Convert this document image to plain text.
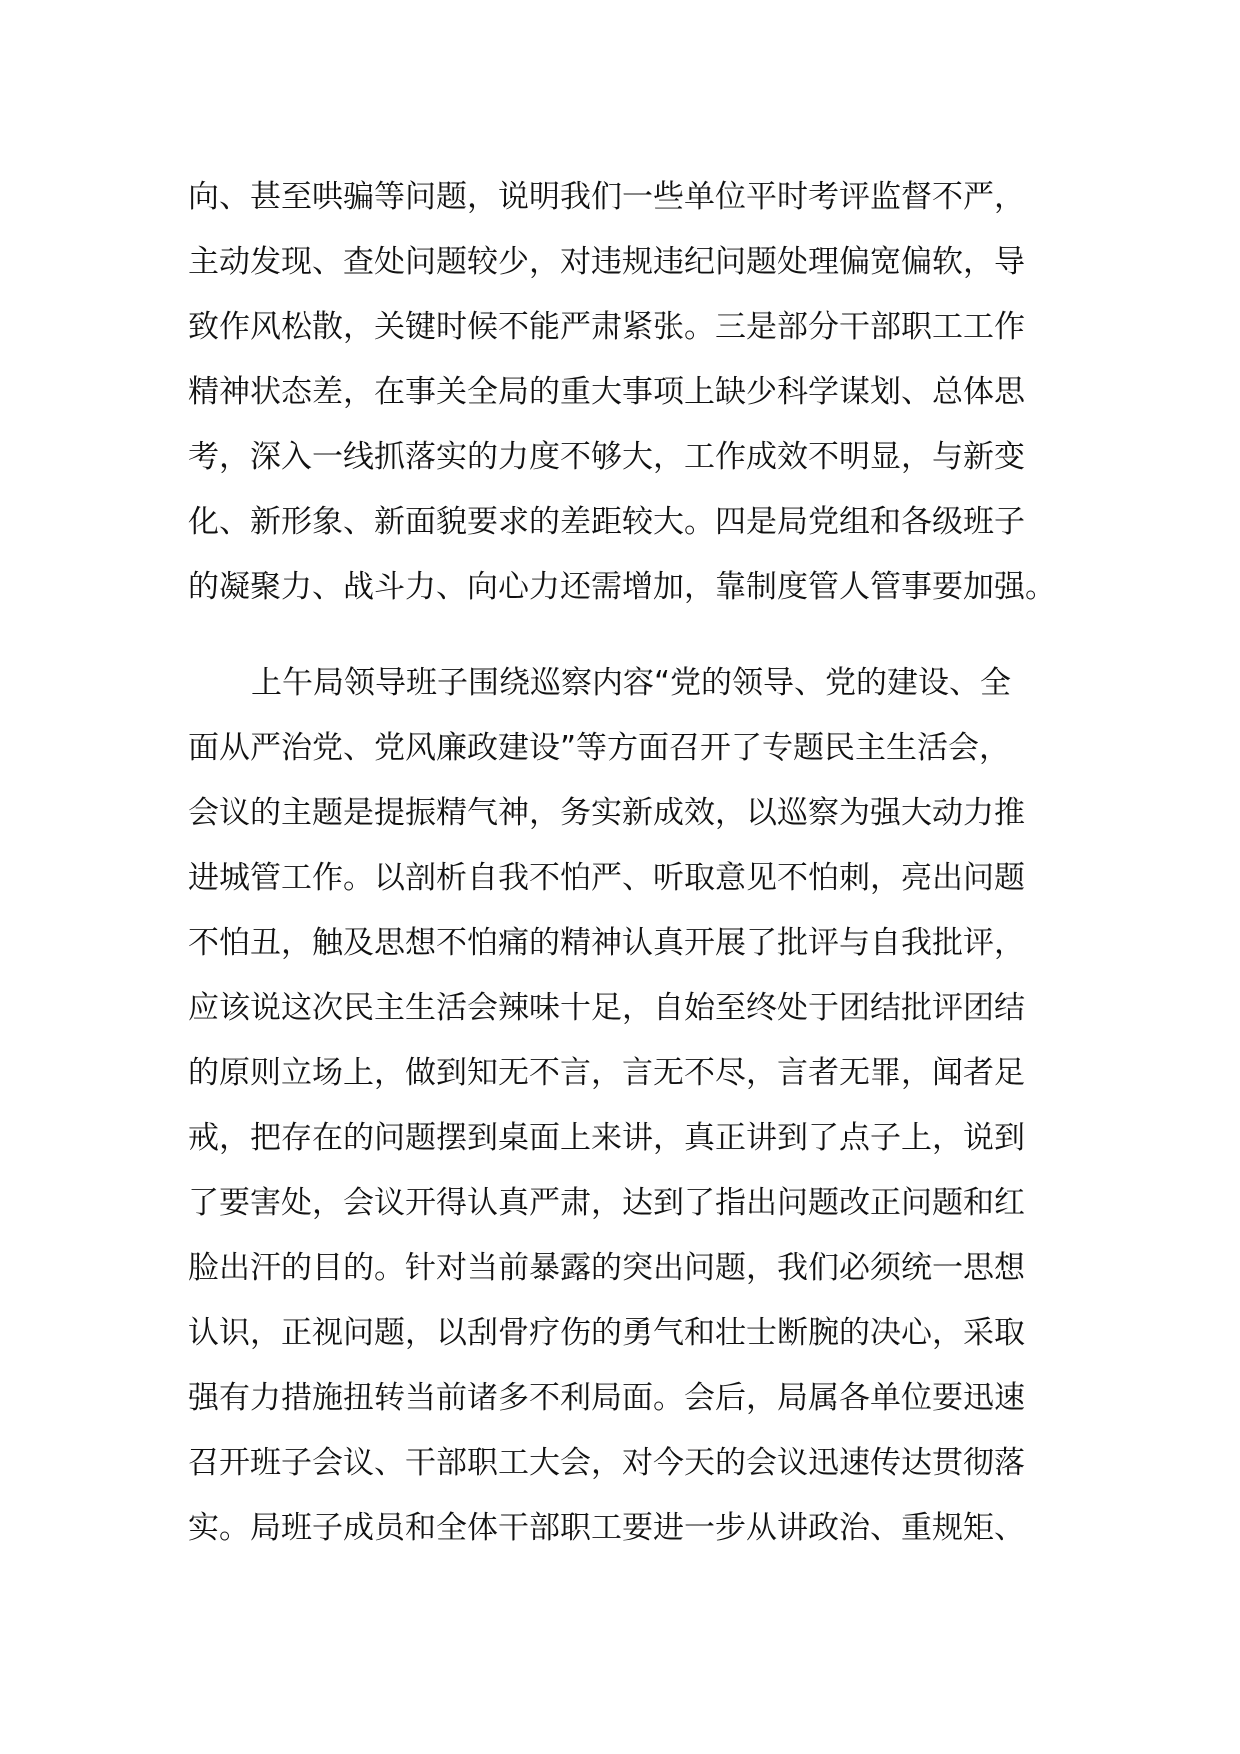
向、甚至哄骗等问题，说明我们一些单位平时考评监督不严，
主动发现、查处问题较少，对违规违纪问题处理偏宽偏软，导
致作风松散，关键时候不能严肃紧张。三是部分干部职工工作
精神状态差，在事关全局的重大事项上缺少科学谋划、总体思
考，深入一线抓落实的力度不够大，工作成效不明显，与新变
化、新形象、新面貌要求的差距较大。四是局党组和各级班子
的凝聚力、战斗力、向心力还需增加，靠制度管人管事要加强。
上午局领导班子围绕巡察内容“党的领导、党的建设、全
面从严治党、党风廉政建设”等方面召开了专题民主生活会，
会议的主题是提振精气神，务实新成效，以巡察为强大动力推
进城管工作。以剖析自我不怕严、听取意见不怕刺，亮出问题
不怕丑，触及思想不怕痛的精神认真开展了批评与自我批评，
应该说这次民主生活会辣味十足，自始至终处于团结批评团结
的原则立场上，做到知无不言，言无不尽，言者无罪，闻者足
戒，把存在的问题摆到桌面上来讲，真正讲到了点子上，说到
了要害处，会议开得认真严肃，达到了指出问题改正问题和红
脸出汗的目的。针对当前暴露的突出问题，我们必须统一思想
认识，正视问题，以刮骨疗伤的勇气和壮士断腕的决心，采取
强有力措施扭转当前诸多不利局面。会后，局属各单位要迅速
召开班子会议、干部职工大会，对今天的会议迅速传达贯彻落
实。局班子成员和全体干部职工要进一步从讲政治、重规矩、
